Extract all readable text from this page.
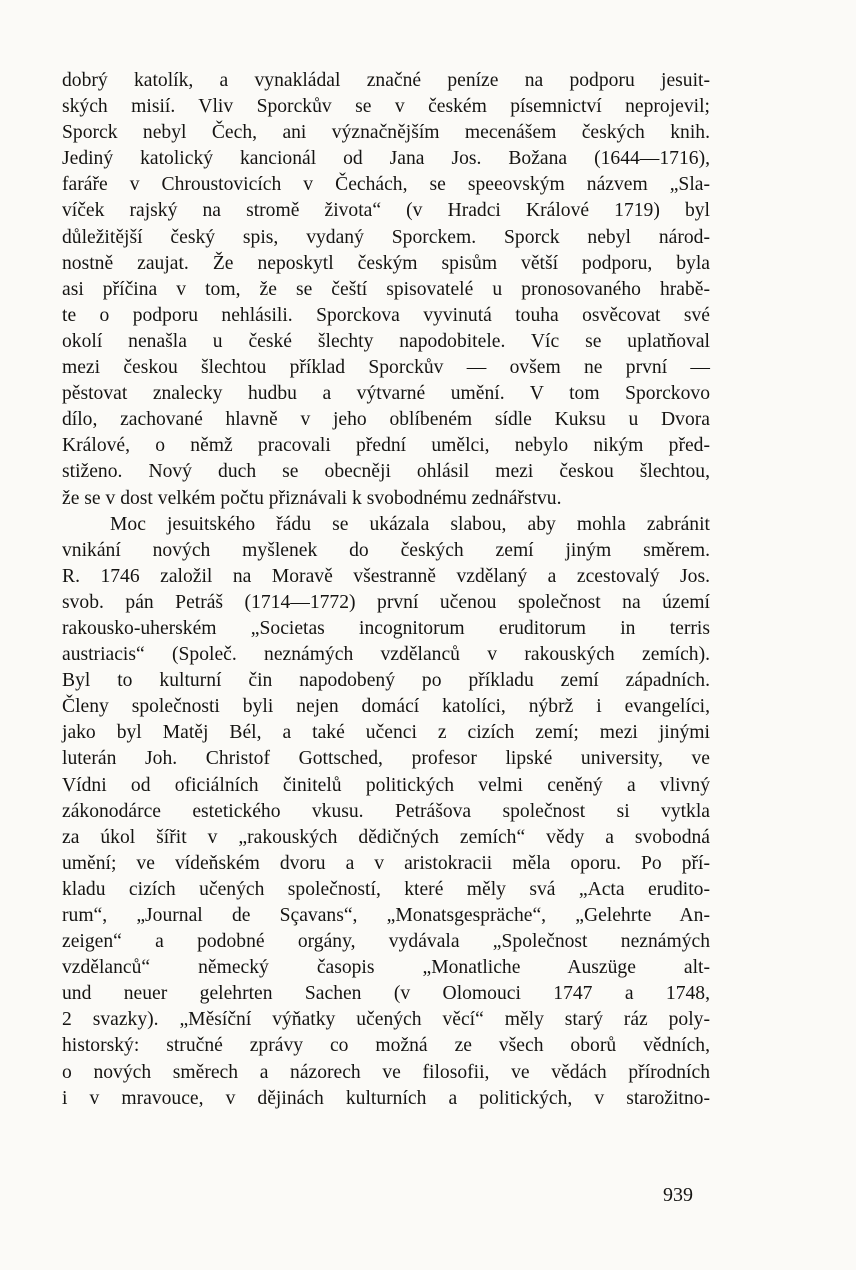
dobrý katolík, a vynakládal značné peníze na podporu jesuit-
ských misií. Vliv Sporckův se v českém písemnictví neprojevil;
Sporck nebyl Čech, ani význačnějším mecenášem českých knih.
Jediný katolický kancionál od Jana Jos. Božana (1644—1716),
faráře v Chroustovicích v Čechách, se speeovským názvem „Sla-
víček rajský na stromě života“ (v Hradci Králové 1719) byl
důležitější český spis, vydaný Sporckem. Sporck nebyl národ-
nostně zaujat. Že neposkytl českým spisům větší podporu, byla
asi příčina v tom, že se čeští spisovatelé u pronosovaného hrabě-
te o podporu nehlásili. Sporckova vyvinutá touha osvěcovat své
okolí nenašla u české šlechty napodobitele. Víc se uplatňoval
mezi českou šlechtou příklad Sporckův — ovšem ne první —
pěstovat znalecky hudbu a výtvarné umění. V tom Sporckovo
dílo, zachované hlavně v jeho oblíbeném sídle Kuksu u Dvora
Králové, o němž pracovali přední umělci, nebylo nikým před-
stiženo. Nový duch se obecněji ohlásil mezi českou šlechtou,
že se v dost velkém počtu přiznávali k svobodnému zednářstvu.
Moc jesuitského řádu se ukázala slabou, aby mohla zabránit
vnikání nových myšlenek do českých zemí jiným směrem.
R. 1746 založil na Moravě všestranně vzdělaný a zcestovalý Jos.
svob. pán Petráš (1714—1772) první učenou společnost na území
rakousko-uherském „Societas incognitorum eruditorum in terris
austriacis“ (Společ. neznámých vzdělanců v rakouských zemích).
Byl to kulturní čin napodobený po příkladu zemí západních.
Členy společnosti byli nejen domácí katolíci, nýbrž i evangelíci,
jako byl Matěj Bél, a také učenci z cizích zemí; mezi jinými
luterán Joh. Christof Gottsched, profesor lipské university, ve
Vídni od oficiálních činitelů politických velmi ceněný a vlivný
zákonodárce estetického vkusu. Petrášova společnost si vytkla
za úkol šířit v „rakouských dědičných zemích“ vědy a svobodná
umění; ve vídeňském dvoru a v aristokracii měla oporu. Po pří-
kladu cizích učených společností, které měly svá „Acta eruditо-
rum“, „Journal de Sçavans“, „Monatsgespräche“, „Gelehrte An-
zeigen“ a podobné orgány, vydávala „Společnost neznámých
vzdělanců“ německý časopis „Monatliche Auszüge alt-
und neuer gelehrten Sachen (v Olomouci 1747 a 1748,
2 svazky). „Měsíční výňatky učených věcí“ měly starý ráz poly-
historský: stručné zprávy co možná ze všech oborů vědních,
o nových směrech a názorech ve filosofii, ve vědách přírodních
i v mravouce, v dějinách kulturních a politických, v starožitno-
939
